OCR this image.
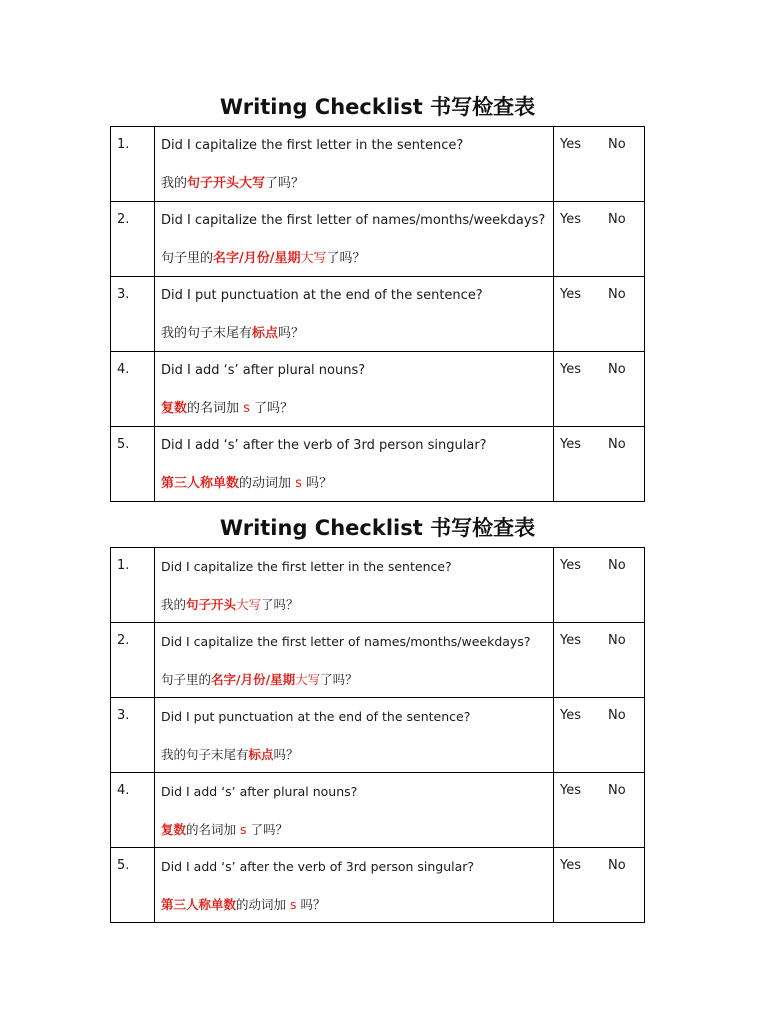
Writing Checklist 书写检查表
1.	Did I capitalize the first letter in the sentence?
我的句子开头大写了吗？	Yes No
2.	Did I capitalize the first letter of names/months/weekdays?
句子里的名字/月份/星期大写了吗？	Yes No
3.	Did I put punctuation at the end of the sentence?
我的句子末尾有标点吗？	Yes No
4.	Did I add ‘s’ after plural nouns?
复数的名词加 s 了吗？	Yes No
5.	Did I add ‘s’ after the verb of 3rd person singular?
第三人称单数的动词加 s 吗？	Yes No
Writing Checklist 书写检查表
1.	Did I capitalize the first letter in the sentence?
我的句子开头大写了吗？	Yes No
2.	Did I capitalize the first letter of names/months/weekdays?
句子里的名字/月份/星期大写了吗？	Yes No
3.	Did I put punctuation at the end of the sentence?
我的句子末尾有标点吗？	Yes No
4.	Did I add ‘s’ after plural nouns?
复数的名词加 s 了吗？	Yes No
5.	Did I add ‘s’ after the verb of 3rd person singular?
第三人称单数的动词加 s 吗？	Yes No
